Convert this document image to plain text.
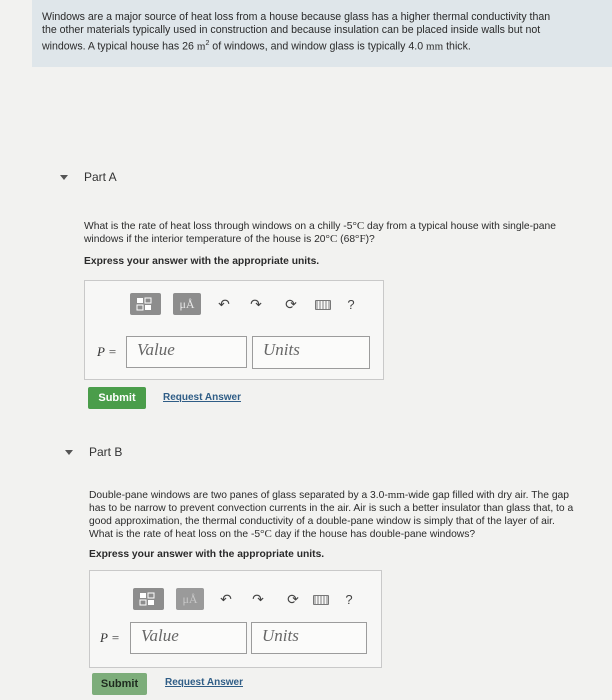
Windows are a major source of heat loss from a house because glass has a higher thermal conductivity than
the other materials typically used in construction and because insulation can be placed inside walls but not
windows. A typical house has 26 $m^2$ of windows, and window glass is typically 4.0 mm thick.
Part A
What is the rate of heat loss through windows on a chilly -5°C day from a typical house with single-pane
windows if the interior temperature of the house is 20°C (68°F)?
Express your answer with the appropriate units.
μÅ	↶ ↷ ⟳	?
P =	Value	Units
Submit	Request Answer
Part B
Double-pane windows are two panes of glass separated by a 3.0-mm-wide gap filled with dry air. The gap
has to be narrow to prevent convection currents in the air. Air is such a better insulator than glass that, to a
good approximation, the thermal conductivity of a double-pane window is simply that of the layer of air.
What is the rate of heat loss on the -5°C day if the house has double-pane windows?
Express your answer with the appropriate units.
μÅ	↶ ↷ ⟳	?
P =	Value	Units
Submit	Request Answer
